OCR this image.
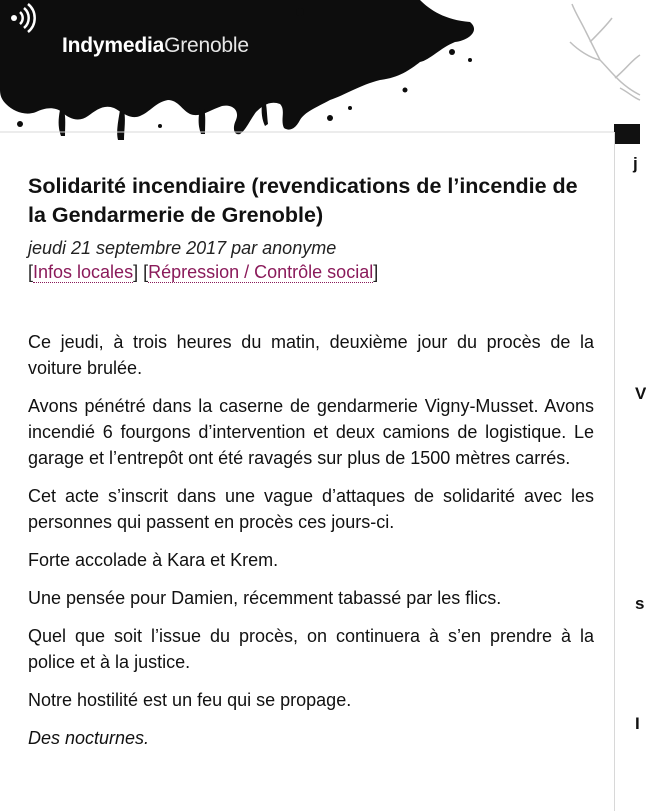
IndymediaGrenoble
j
V
s
I
Solidarité incendiaire (revendications de l’incendie de la Gendarmerie de Grenoble)
jeudi 21 septembre 2017 par anonyme
[Infos locales] [Répression / Contrôle social]

Ce jeudi, à trois heures du matin, deuxième jour du procès de la voiture brulée.

Avons pénétré dans la caserne de gendarmerie Vigny-Musset. Avons incendié 6 fourgons d’intervention et deux camions de logistique. Le garage et l’entrepôt ont été ravagés sur plus de 1500 mètres carrés.

Cet acte s’inscrit dans une vague d’attaques de solidarité avec les personnes qui passent en procès ces jours-ci.

Forte accolade à Kara et Krem.

Une pensée pour Damien, récemment tabassé par les flics.

Quel que soit l’issue du procès, on continuera à s’en prendre à la police et à la justice.

Notre hostilité est un feu qui se propage.

Des nocturnes.
